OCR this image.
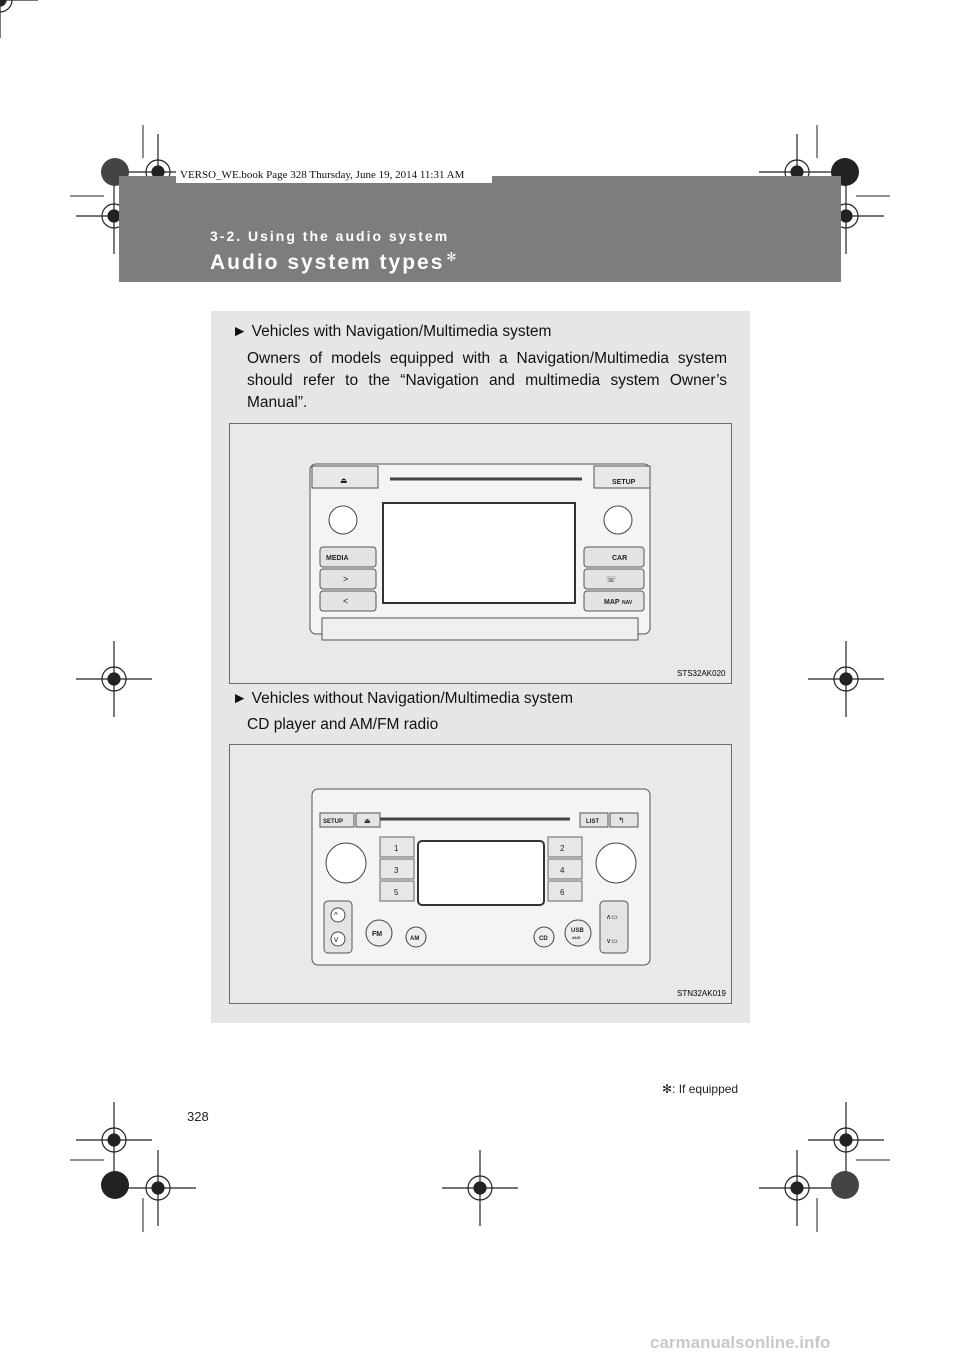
VERSO_WE.book Page 328 Thursday, June 19, 2014 11:31 AM
3-2. Using the audio system
Audio system types ✻
► Vehicles with Navigation/Multimedia system
Owners of models equipped with a Navigation/Multimedia system should refer to the “Navigation and multimedia system Owner’s Manual”.
⏏	SETUP
MEDIA
>
<
CAR
☏
MAP NAV
STS32AK020
► Vehicles without Navigation/Multimedia system
CD player and AM/FM radio
SETUP	⏏	LIST ↰
1	2
3	4
5	6
^
v
∧▭
∨▭
FM
AM	CD
USB
AUX
STN32AK019
✻: If equipped
328
carmanualsonline.info
